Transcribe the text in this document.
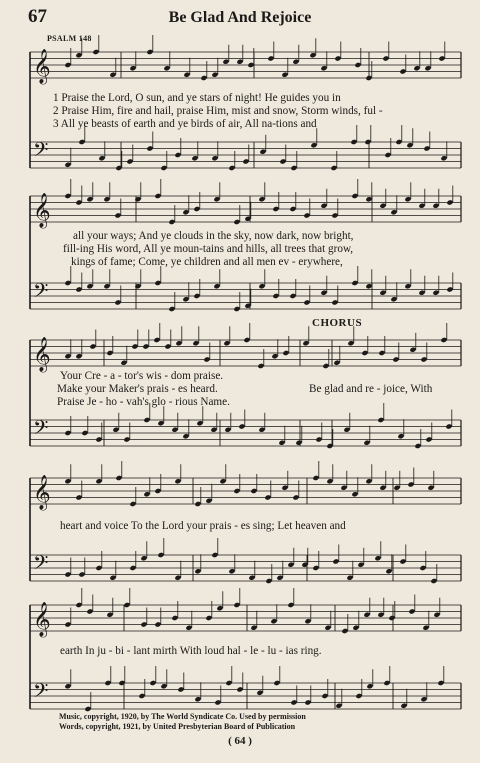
67	Be Glad And Rejoice
PSALM 148
CHORUS
𝄞
𝄢
𝄞
𝄢
𝄞
𝄢
𝄞
𝄢
𝄞
𝄢
1 Praise the Lord, O sun, and ye stars of night! He guides you in
2 Praise Him, fire and hail, praise Him, mist and snow, Storm winds, ful -
3 All ye beasts of earth and ye birds of air, All na-tions and
all your ways; And ye clouds in the sky, now dark, now bright,
fill-ing His word, All ye moun-tains and hills, all trees that grow,
kings of fame; Come, ye children and all men ev - erywhere,
Your Cre - a - tor's wis - dom praise.
Make your Maker's prais - es heard.
Praise Je - ho - vah's glo - rious Name.
Be glad and re - joice, With
heart and voice To the Lord your prais - es sing; Let heaven and
earth In ju - bi - lant mirth With loud hal - le - lu - ias ring.
Music, copyright, 1920, by The World Syndicate Co. Used by permission
Words, copyright, 1921, by United Presbyterian Board of Publication
( 64 )
